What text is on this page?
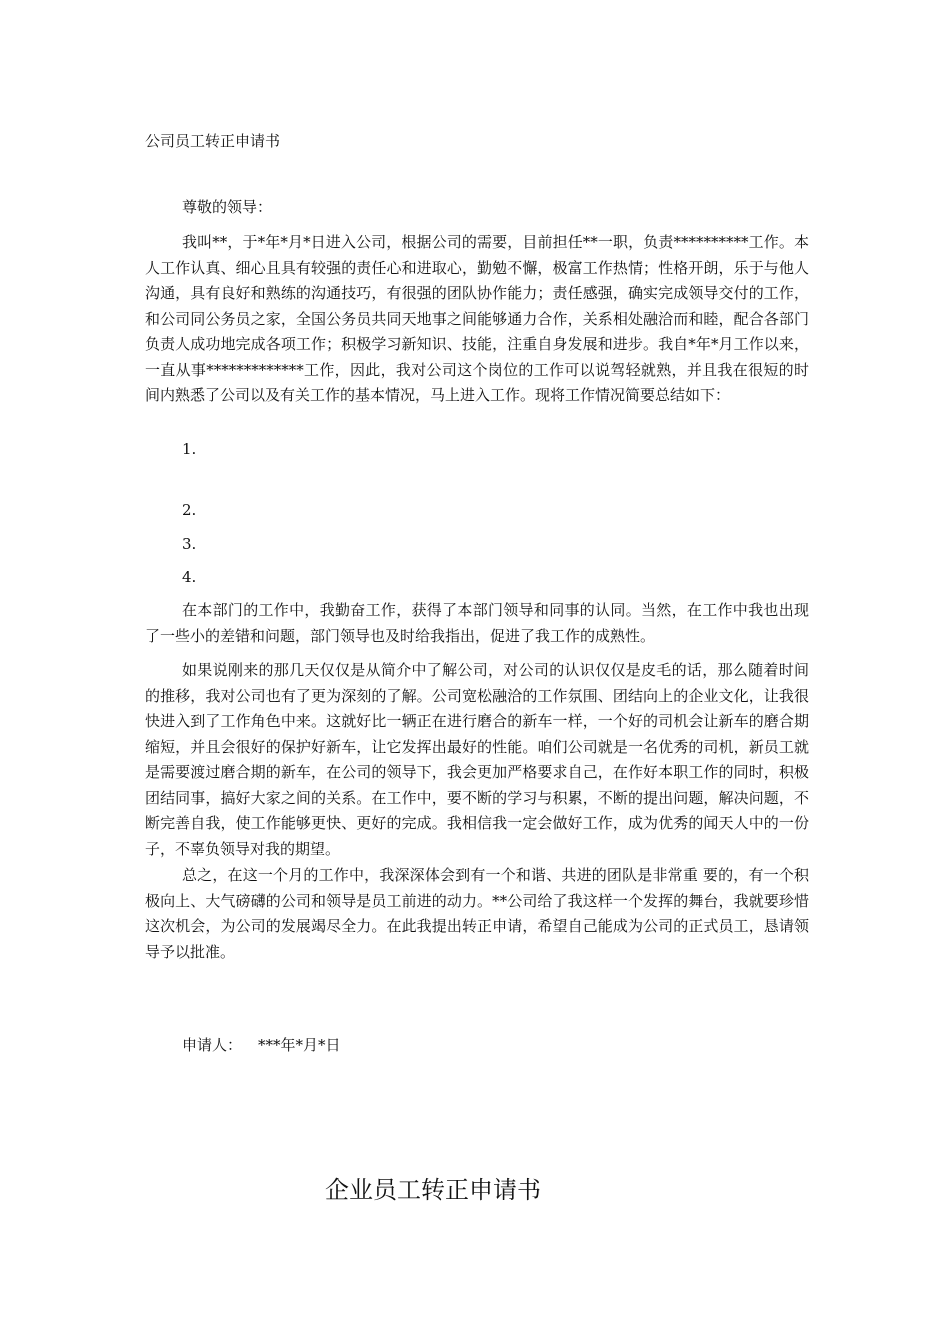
公司员工转正申请书
尊敬的领导：

我叫**，于*年*月*日进入公司，根据公司的需要，目前担任**一职，负责**********工作。本人工作认真、细心且具有较强的责任心和进取心，勤勉不懈，极富工作热情；性格开朗，乐于与他人沟通，具有良好和熟练的沟通技巧，有很强的团队协作能力；责任感强，确实完成领导交付的工作，和公司同公务员之家，全国公务员共同天地事之间能够通力合作，关系相处融洽而和睦，配合各部门负责人成功地完成各项工作；积极学习新知识、技能，注重自身发展和进步。我自*年*月工作以来，一直从事*************工作，因此，我对公司这个岗位的工作可以说驾轻就熟，并且我在很短的时间内熟悉了公司以及有关工作的基本情况，马上进入工作。现将工作情况简要总结如下：

1.
2.
3.
4.

在本部门的工作中，我勤奋工作，获得了本部门领导和同事的认同。当然，在工作中我也出现了一些小的差错和问题，部门领导也及时给我指出，促进了我工作的成熟性。

如果说刚来的那几天仅仅是从简介中了解公司，对公司的认识仅仅是皮毛的话，那么随着时间的推移，我对公司也有了更为深刻的了解。公司宽松融洽的工作氛围、团结向上的企业文化，让我很快进入到了工作角色中来。这就好比一辆正在进行磨合的新车一样，一个好的司机会让新车的磨合期缩短，并且会很好的保护好新车，让它发挥出最好的性能。咱们公司就是一名优秀的司机，新员工就是需要渡过磨合期的新车，在公司的领导下，我会更加严格要求自己，在作好本职工作的同时，积极团结同事，搞好大家之间的关系。在工作中，要不断的学习与积累，不断的提出问题，解决问题，不断完善自我，使工作能够更快、更好的完成。我相信我一定会做好工作，成为优秀的闻天人中的一份子，不辜负领导对我的期望。

总之，在这一个月的工作中，我深深体会到有一个和谐、共进的团队是非常重 要的，有一个积极向上、大气磅礴的公司和领导是员工前进的动力。**公司给了我这样一个发挥的舞台，我就要珍惜这次机会，为公司的发展竭尽全力。在此我提出转正申请，希望自己能成为公司的正式员工，恳请领导予以批准。

申请人： ***年*月*日
企业员工转正申请书
